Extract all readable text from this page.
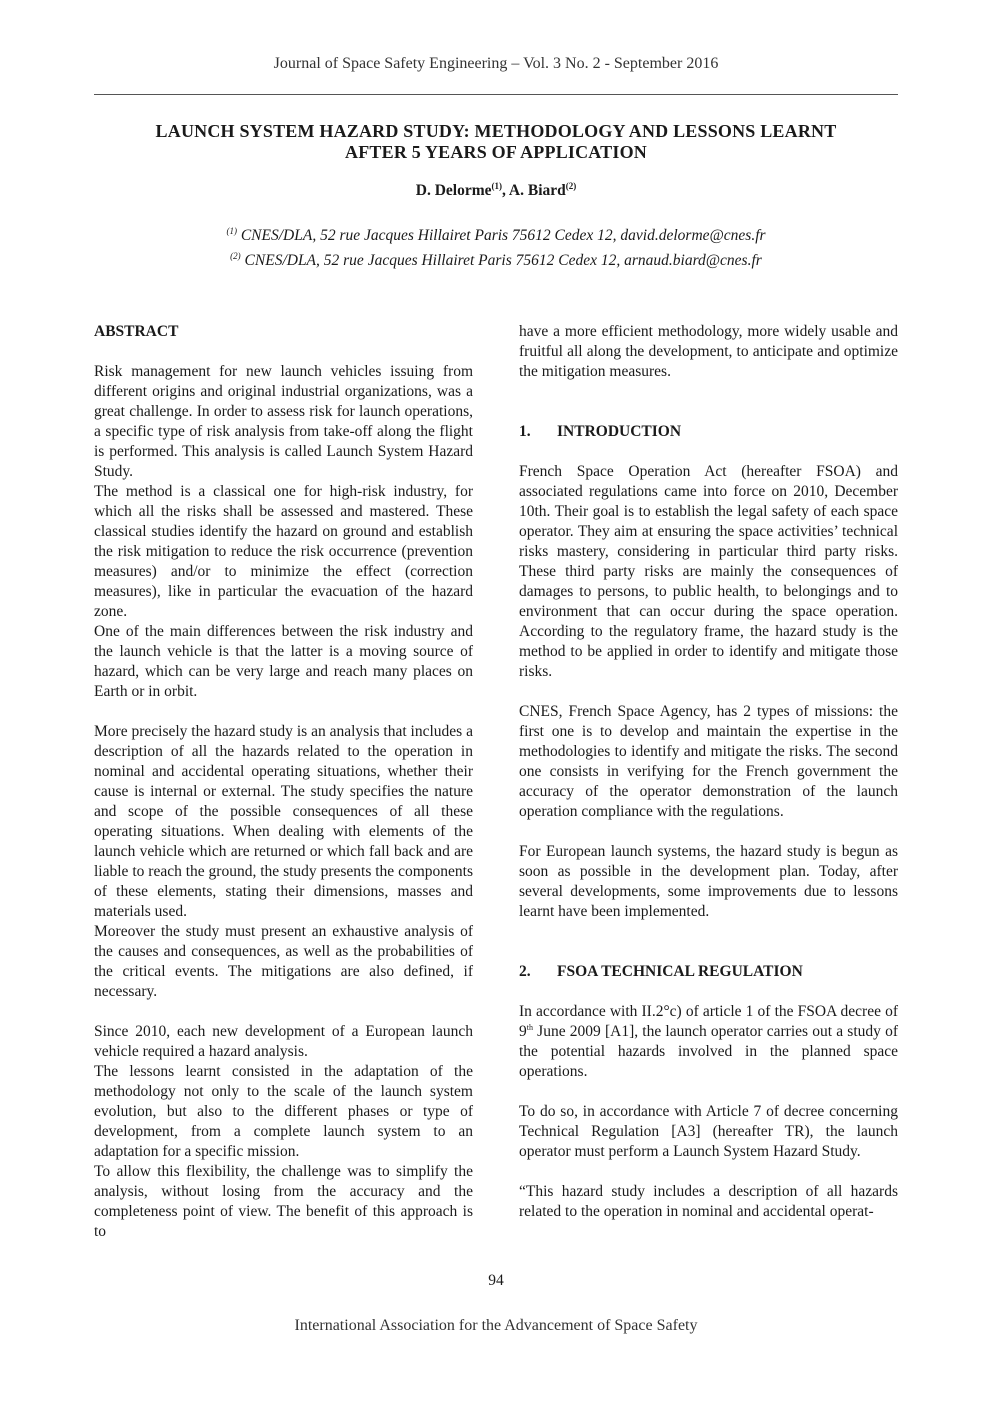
Journal of Space Safety Engineering – Vol. 3 No. 2 - September 2016
LAUNCH SYSTEM HAZARD STUDY: METHODOLOGY AND LESSONS LEARNT
AFTER 5 YEARS OF APPLICATION
D. Delorme$^{(1)}$, A. Biard$^{(2)}$
$^{(1)}$ CNES/DLA, 52 rue Jacques Hillairet Paris 75612 Cedex 12, david.delorme@cnes.fr
$^{(2)}$ CNES/DLA, 52 rue Jacques Hillairet Paris 75612 Cedex 12, arnaud.biard@cnes.fr
ABSTRACT

Risk management for new launch vehicles issuing from different origins and original industrial organizations, was a great challenge. In order to assess risk for launch operations, a specific type of risk analysis from take-off along the flight is performed. This analysis is called Launch System Hazard Study.

The method is a classical one for high-risk industry, for which all the risks shall be assessed and mastered. These classical studies identify the hazard on ground and establish the risk mitigation to reduce the risk occurrence (prevention measures) and/or to minimize the effect (correction measures), like in particular the evacuation of the hazard zone.

One of the main differences between the risk industry and the launch vehicle is that the latter is a moving source of hazard, which can be very large and reach many places on Earth or in orbit.

More precisely the hazard study is an analysis that includes a description of all the hazards related to the operation in nominal and accidental operating situations, whether their cause is internal or external. The study specifies the nature and scope of the possible consequences of all these operating situations. When dealing with elements of the launch vehicle which are returned or which fall back and are liable to reach the ground, the study presents the components of these elements, stating their dimensions, masses and materials used.

Moreover the study must present an exhaustive analysis of the causes and consequences, as well as the probabilities of the critical events. The mitigations are also defined, if necessary.

Since 2010, each new development of a European launch vehicle required a hazard analysis.

The lessons learnt consisted in the adaptation of the methodology not only to the scale of the launch system evolution, but also to the different phases or type of development, from a complete launch system to an adaptation for a specific mission.

To allow this flexibility, the challenge was to simplify the analysis, without losing from the accuracy and the completeness point of view. The benefit of this approach is to

have a more efficient methodology, more widely usable and fruitful all along the development, to anticipate and optimize the mitigation measures.

1. INTRODUCTION

French Space Operation Act (hereafter FSOA) and associated regulations came into force on 2010, December 10th. Their goal is to establish the legal safety of each space operator. They aim at ensuring the space activities’ technical risks mastery, considering in particular third party risks. These third party risks are mainly the consequences of damages to persons, to public health, to belongings and to environment that can occur during the space operation. According to the regulatory frame, the hazard study is the method to be applied in order to identify and mitigate those risks.

CNES, French Space Agency, has 2 types of missions: the first one is to develop and maintain the expertise in the methodologies to identify and mitigate the risks. The second one consists in verifying for the French government the accuracy of the operator demonstration of the launch operation compliance with the regulations.

For European launch systems, the hazard study is begun as soon as possible in the development plan. Today, after several developments, some improvements due to lessons learnt have been implemented.

2. FSOA TECHNICAL REGULATION

In accordance with II.2°c) of article 1 of the FSOA decree of 9th June 2009 [A1], the launch operator carries out a study of the potential hazards involved in the planned space operations.

To do so, in accordance with Article 7 of decree concerning Technical Regulation [A3] (hereafter TR), the launch operator must perform a Launch System Hazard Study.

“This hazard study includes a description of all hazards related to the operation in nominal and accidental operat-

94
International Association for the Advancement of Space Safety
